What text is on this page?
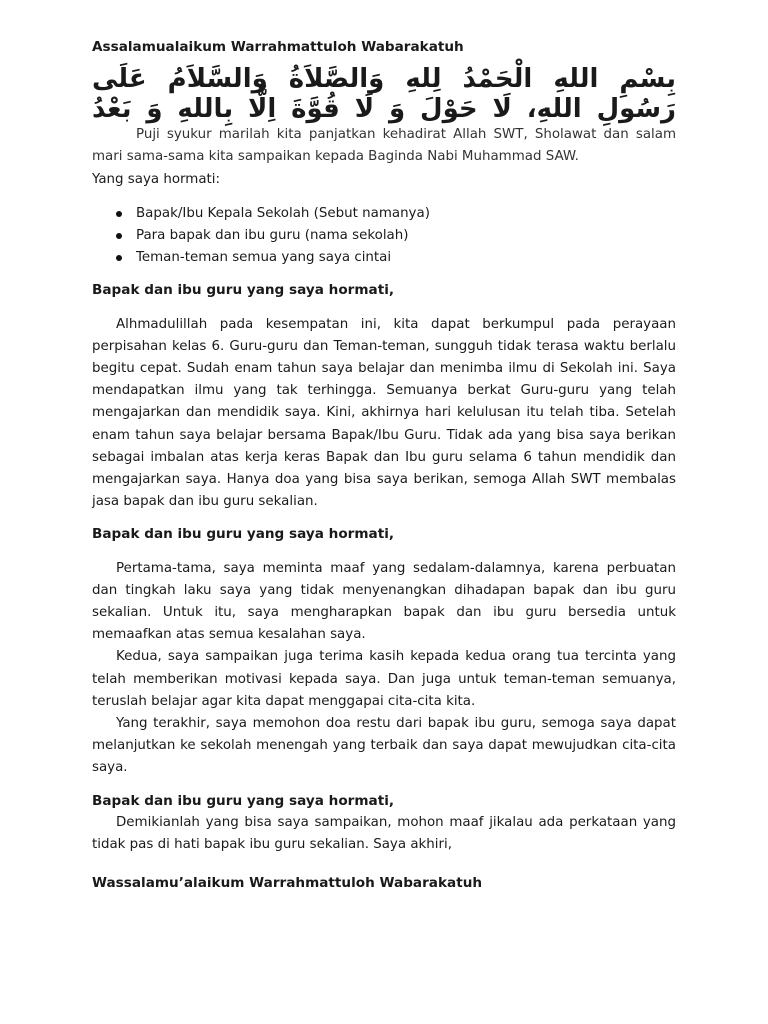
Assalamualaikum Warrahmattuloh Wabarakatuh

بِسْمِ اللهِ الْحَمْدُ لِلهِ وَالصَّلاَةُ وَالسَّلاَمُ عَلَى

رَسُولِ اللهِ، لَا حَوْلَ وَ لَا قُوَّةَ اِلَّا بِاللهِ وَ بَعْدُ

Puji syukur marilah kita panjatkan kehadirat Allah SWT, Sholawat dan salam mari sama-sama kita sampaikan kepada Baginda Nabi Muhammad SAW.

Yang saya hormati:
Bapak/Ibu Kepala Sekolah (Sebut namanya)
Para bapak dan ibu guru (nama sekolah)
Teman-teman semua yang saya cintai
Bapak dan ibu guru yang saya hormati,

Alhmadulillah pada kesempatan ini, kita dapat berkumpul pada perayaan perpisahan kelas 6. Guru-guru dan Teman-teman, sungguh tidak terasa waktu berlalu begitu cepat. Sudah enam tahun saya belajar dan menimba ilmu di Sekolah ini. Saya mendapatkan ilmu yang tak terhingga. Semuanya berkat Guru-guru yang telah mengajarkan dan mendidik saya. Kini, akhirnya hari kelulusan itu telah tiba. Setelah enam tahun saya belajar bersama Bapak/Ibu Guru. Tidak ada yang bisa saya berikan sebagai imbalan atas kerja keras Bapak dan Ibu guru selama 6 tahun mendidik dan mengajarkan saya. Hanya doa yang bisa saya berikan, semoga Allah SWT membalas jasa bapak dan ibu guru sekalian.

Bapak dan ibu guru yang saya hormati,

Pertama-tama, saya meminta maaf yang sedalam-dalamnya, karena perbuatan dan tingkah laku saya yang tidak menyenangkan dihadapan bapak dan ibu guru sekalian. Untuk itu, saya mengharapkan bapak dan ibu guru bersedia untuk memaafkan atas semua kesalahan saya.

Kedua, saya sampaikan juga terima kasih kepada kedua orang tua tercinta yang telah memberikan motivasi kepada saya. Dan juga untuk teman-teman semuanya, teruslah belajar agar kita dapat menggapai cita-cita kita.

Yang terakhir, saya memohon doa restu dari bapak ibu guru, semoga saya dapat melanjutkan ke sekolah menengah yang terbaik dan saya dapat mewujudkan cita-cita saya.

Bapak dan ibu guru yang saya hormati,

Demikianlah yang bisa saya sampaikan, mohon maaf jikalau ada perkataan yang tidak pas di hati bapak ibu guru sekalian. Saya akhiri,

Wassalamu’alaikum Warrahmattuloh Wabarakatuh
